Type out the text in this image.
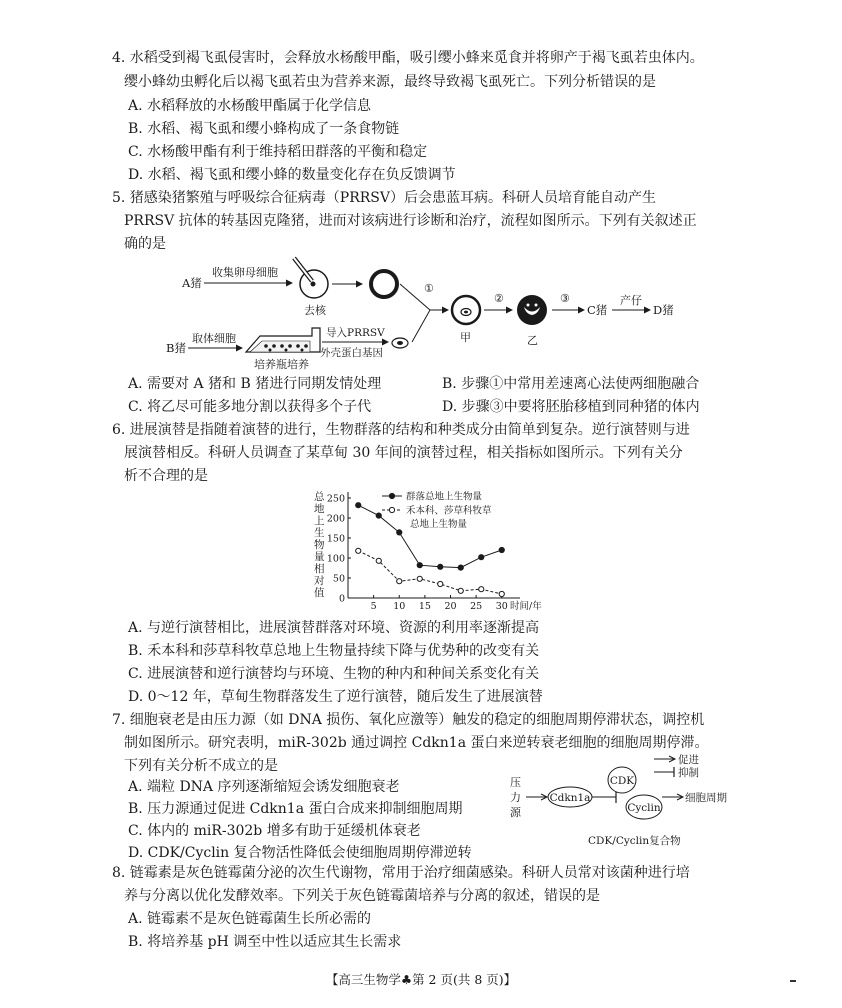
4. 水稻受到褐飞虱侵害时，会释放水杨酸甲酯，吸引缨小蜂来觅食并将卵产于褐飞虱若虫体内。
缨小蜂幼虫孵化后以褐飞虱若虫为营养来源，最终导致褐飞虱死亡。下列分析错误的是
A. 水稻释放的水杨酸甲酯属于化学信息
B. 水稻、褐飞虱和缨小蜂构成了一条食物链
C. 水杨酸甲酯有利于维持稻田群落的平衡和稳定
D. 水稻、褐飞虱和缨小蜂的数量变化存在负反馈调节
5. 猪感染猪繁殖与呼吸综合征病毒（PRRSV）后会患蓝耳病。科研人员培育能自动产生
PRRSV 抗体的转基因克隆猪，进而对该病进行诊断和治疗，流程如图所示。下列有关叙述正
确的是
A猪
收集卵母细胞
去核
①
甲
②
乙
③
C猪
产仔
D猪
B猪
取体细胞
培养瓶培养
导入PRRSV
外壳蛋白基因
A. 需要对 A 猪和 B 猪进行同期发情处理	B. 步骤①中常用差速离心法使两细胞融合
C. 将乙尽可能多地分割以获得多个子代	D. 步骤③中要将胚胎移植到同种猪的体内
6. 进展演替是指随着演替的进行，生物群落的结构和种类成分由简单到复杂。逆行演替则与进
展演替相反。科研人员调查了某草甸 30 年间的演替过程，相关指标如图所示。下列有关分
析不合理的是
总
地
上
生
物
量
相
对
值 0
50
100
150
200
250
5 10 15 20 25 30 时间/年
群落总地上生物量
禾本科、莎草科牧草
总地上生物量
A. 与逆行演替相比，进展演替群落对环境、资源的利用率逐渐提高
B. 禾本科和莎草科牧草总地上生物量持续下降与优势种的改变有关
C. 进展演替和逆行演替均与环境、生物的种内和种间关系变化有关
D. 0～12 年，草甸生物群落发生了逆行演替，随后发生了进展演替
7. 细胞衰老是由压力源（如 DNA 损伤、氧化应激等）触发的稳定的细胞周期停滞状态，调控机
制如图所示。研究表明，miR-302b 通过调控 Cdkn1a 蛋白来逆转衰老细胞的细胞周期停滞。
下列有关分析不成立的是
A. 端粒 DNA 序列逐渐缩短会诱发细胞衰老
B. 压力源通过促进 Cdkn1a 蛋白合成来抑制细胞周期
C. 体内的 miR-302b 增多有助于延缓机体衰老
D. CDK/Cyclin 复合物活性降低会使细胞周期停滞逆转
促进
抑制
压
力
源
Cdkn1a
CDK
Cyclin
细胞周期
CDK/Cyclin复合物
8. 链霉素是灰色链霉菌分泌的次生代谢物，常用于治疗细菌感染。科研人员常对该菌种进行培
养与分离以优化发酵效率。下列关于灰色链霉菌培养与分离的叙述，错误的是
A. 链霉素不是灰色链霉菌生长所必需的
B. 将培养基 pH 调至中性以适应其生长需求
【高三生物学♣第 2 页(共 8 页)】
